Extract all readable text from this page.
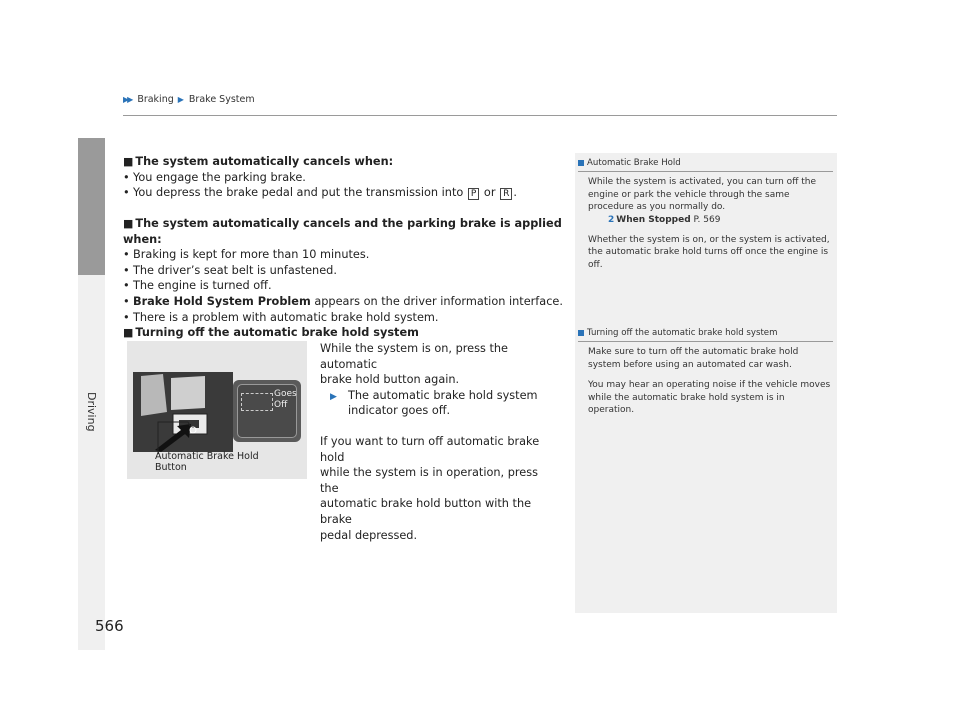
▶▶ Braking ▶ Brake System
■ The system automatically cancels when:
• You engage the parking brake.
• You depress the brake pedal and put the transmission into P or R .
■ The system automatically cancels and the parking brake is applied when:
• Braking is kept for more than 10 minutes.
• The driver’s seat belt is unfastened.
• The engine is turned off.
• Brake Hold System Problem appears on the driver information interface.
• There is a problem with automatic brake hold system.
■ Turning off the automatic brake hold system
While the system is on, press the automatic
brake hold button again.
▶ The automatic brake hold system
indicator goes off.
If you want to turn off automatic brake hold
while the system is in operation, press the
automatic brake hold button with the brake
pedal depressed.
Goes
Off
Automatic Brake Hold
Button
Automatic Brake Hold

While the system is activated, you can turn off the

engine or park the vehicle through the same

procedure as you normally do.

2 When Stopped P. 569

Whether the system is on, or the system is activated,

the automatic brake hold turns off once the engine is

off.

Turning off the automatic brake hold system

Make sure to turn off the automatic brake hold

system before using an automated car wash.

You may hear an operating noise if the vehicle moves

while the automatic brake hold system is in

operation.

566
